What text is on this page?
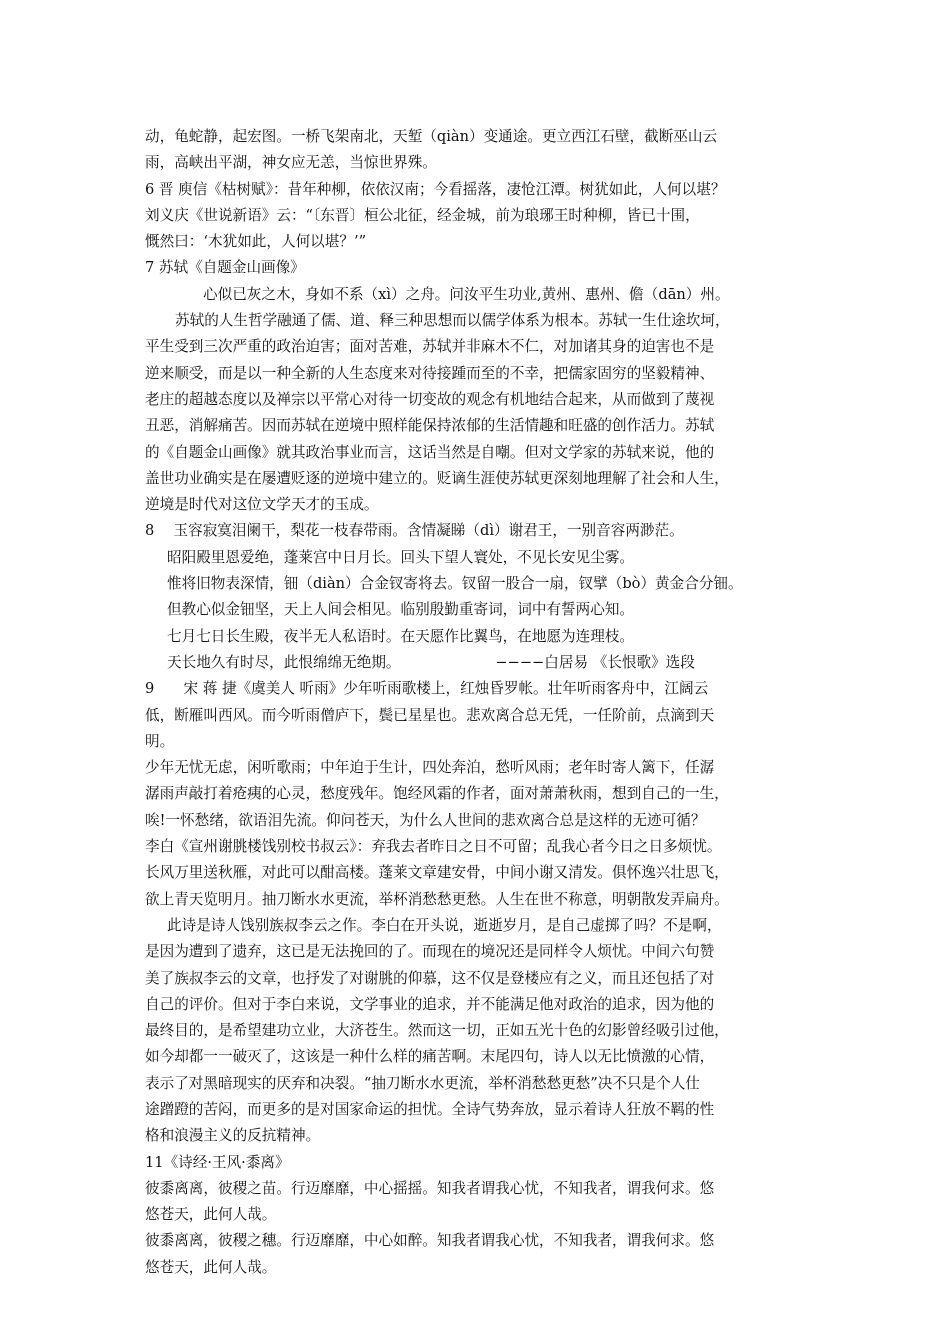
动，龟蛇静，起宏图。一桥飞架南北，天堑（qiàn）变通途。更立西江石壁，截断巫山云
雨，高峡出平湖，神女应无恙，当惊世界殊。
6 晋 庾信《枯树赋》：昔年种柳，依依汉南；今看摇落，凄怆江潭。树犹如此，人何以堪？
刘义庆《世说新语》云：“〔东晋〕桓公北征，经金城，前为琅琊王时种柳，皆已十围，
慨然曰：‘木犹如此，人何以堪？’”
7 苏轼《自题金山画像》
心似已灰之木，身如不系（xì）之舟。问汝平生功业,黄州、惠州、儋（dān）州。
苏轼的人生哲学融通了儒、道、释三种思想而以儒学体系为根本。苏轼一生仕途坎坷，
平生受到三次严重的政治迫害；面对苦难，苏轼并非麻木不仁，对加诸其身的迫害也不是
逆来顺受，而是以一种全新的人生态度来对待接踵而至的不幸，把儒家固穷的坚毅精神、
老庄的超越态度以及禅宗以平常心对待一切变故的观念有机地结合起来，从而做到了蔑视
丑恶，消解痛苦。因而苏轼在逆境中照样能保持浓郁的生活情趣和旺盛的创作活力。苏轼
的《自题金山画像》就其政治事业而言，这话当然是自嘲。但对文学家的苏轼来说，他的
盖世功业确实是在屡遭贬逐的逆境中建立的。贬谪生涯使苏轼更深刻地理解了社会和人生，
逆境是时代对这位文学天才的玉成。
8　 玉容寂寞泪阑干，梨花一枝春带雨。含情凝睇（dì）谢君王，一别音容两渺茫。
昭阳殿里恩爱绝，蓬莱宫中日月长。回头下望人寰处，不见长安见尘雾。
惟将旧物表深情，钿（diàn）合金钗寄将去。钗留一股合一扇，钗擘（bò）黄金合分钿。
但教心似金钿坚，天上人间会相见。临别殷勤重寄词，词中有誓两心知。
七月七日长生殿，夜半无人私语时。在天愿作比翼鸟，在地愿为连理枝。
天长地久有时尽，此恨绵绵无绝期。　　　　　　　−−−−白居易 《长恨歌》选段
9　　宋 蒋 捷《虞美人 听雨》少年听雨歌楼上，红烛昏罗帐。壮年听雨客舟中，江阔云
低，断雁叫西风。而今听雨僧庐下，鬓已星星也。悲欢离合总无凭，一任阶前，点滴到天
明。
少年无忧无虑，闲听歌雨；中年迫于生计，四处奔泊，愁听风雨；老年时寄人篱下，任潺
潺雨声敲打着疮痍的心灵，愁度残年。饱经风霜的作者，面对萧萧秋雨，想到自己的一生，
唉!一怀愁绪，欲语泪先流。仰问苍天，为什么人世间的悲欢离合总是这样的无迹可循？
李白《宣州谢朓楼饯别校书叔云》：弃我去者昨日之日不可留；乱我心者今日之日多烦忧。
长风万里送秋雁，对此可以酣高楼。蓬莱文章建安骨，中间小谢又清发。俱怀逸兴壮思飞，
欲上青天览明月。抽刀断水水更流，举杯消愁愁更愁。人生在世不称意，明朝散发弄扁舟。
此诗是诗人饯别族叔李云之作。李白在开头说，逝逝岁月，是自己虚掷了吗？不是啊，
是因为遭到了遗弃，这已是无法挽回的了。而现在的境况还是同样令人烦忧。中间六句赞
美了族叔李云的文章，也抒发了对谢朓的仰慕，这不仅是登楼应有之义，而且还包括了对
自己的评价。但对于李白来说，文学事业的追求，并不能满足他对政治的追求，因为他的
最终目的，是希望建功立业，大济苍生。然而这一切，正如五光十色的幻影曾经吸引过他，
如今却都一一破灭了，这该是一种什么样的痛苦啊。末尾四句，诗人以无比愤激的心情，
表示了对黑暗现实的厌弃和决裂。“抽刀断水水更流，举杯消愁愁更愁”决不只是个人仕
途蹭蹬的苦闷，而更多的是对国家命运的担忧。全诗气势奔放，显示着诗人狂放不羁的性
格和浪漫主义的反抗精神。
11《诗经·王风·黍离》
彼黍离离，彼稷之苗。行迈靡靡，中心摇摇。知我者谓我心忧，不知我者，谓我何求。悠
悠苍天，此何人哉。
彼黍离离，彼稷之穗。行迈靡靡，中心如醉。知我者谓我心忧，不知我者，谓我何求。悠
悠苍天，此何人哉。
